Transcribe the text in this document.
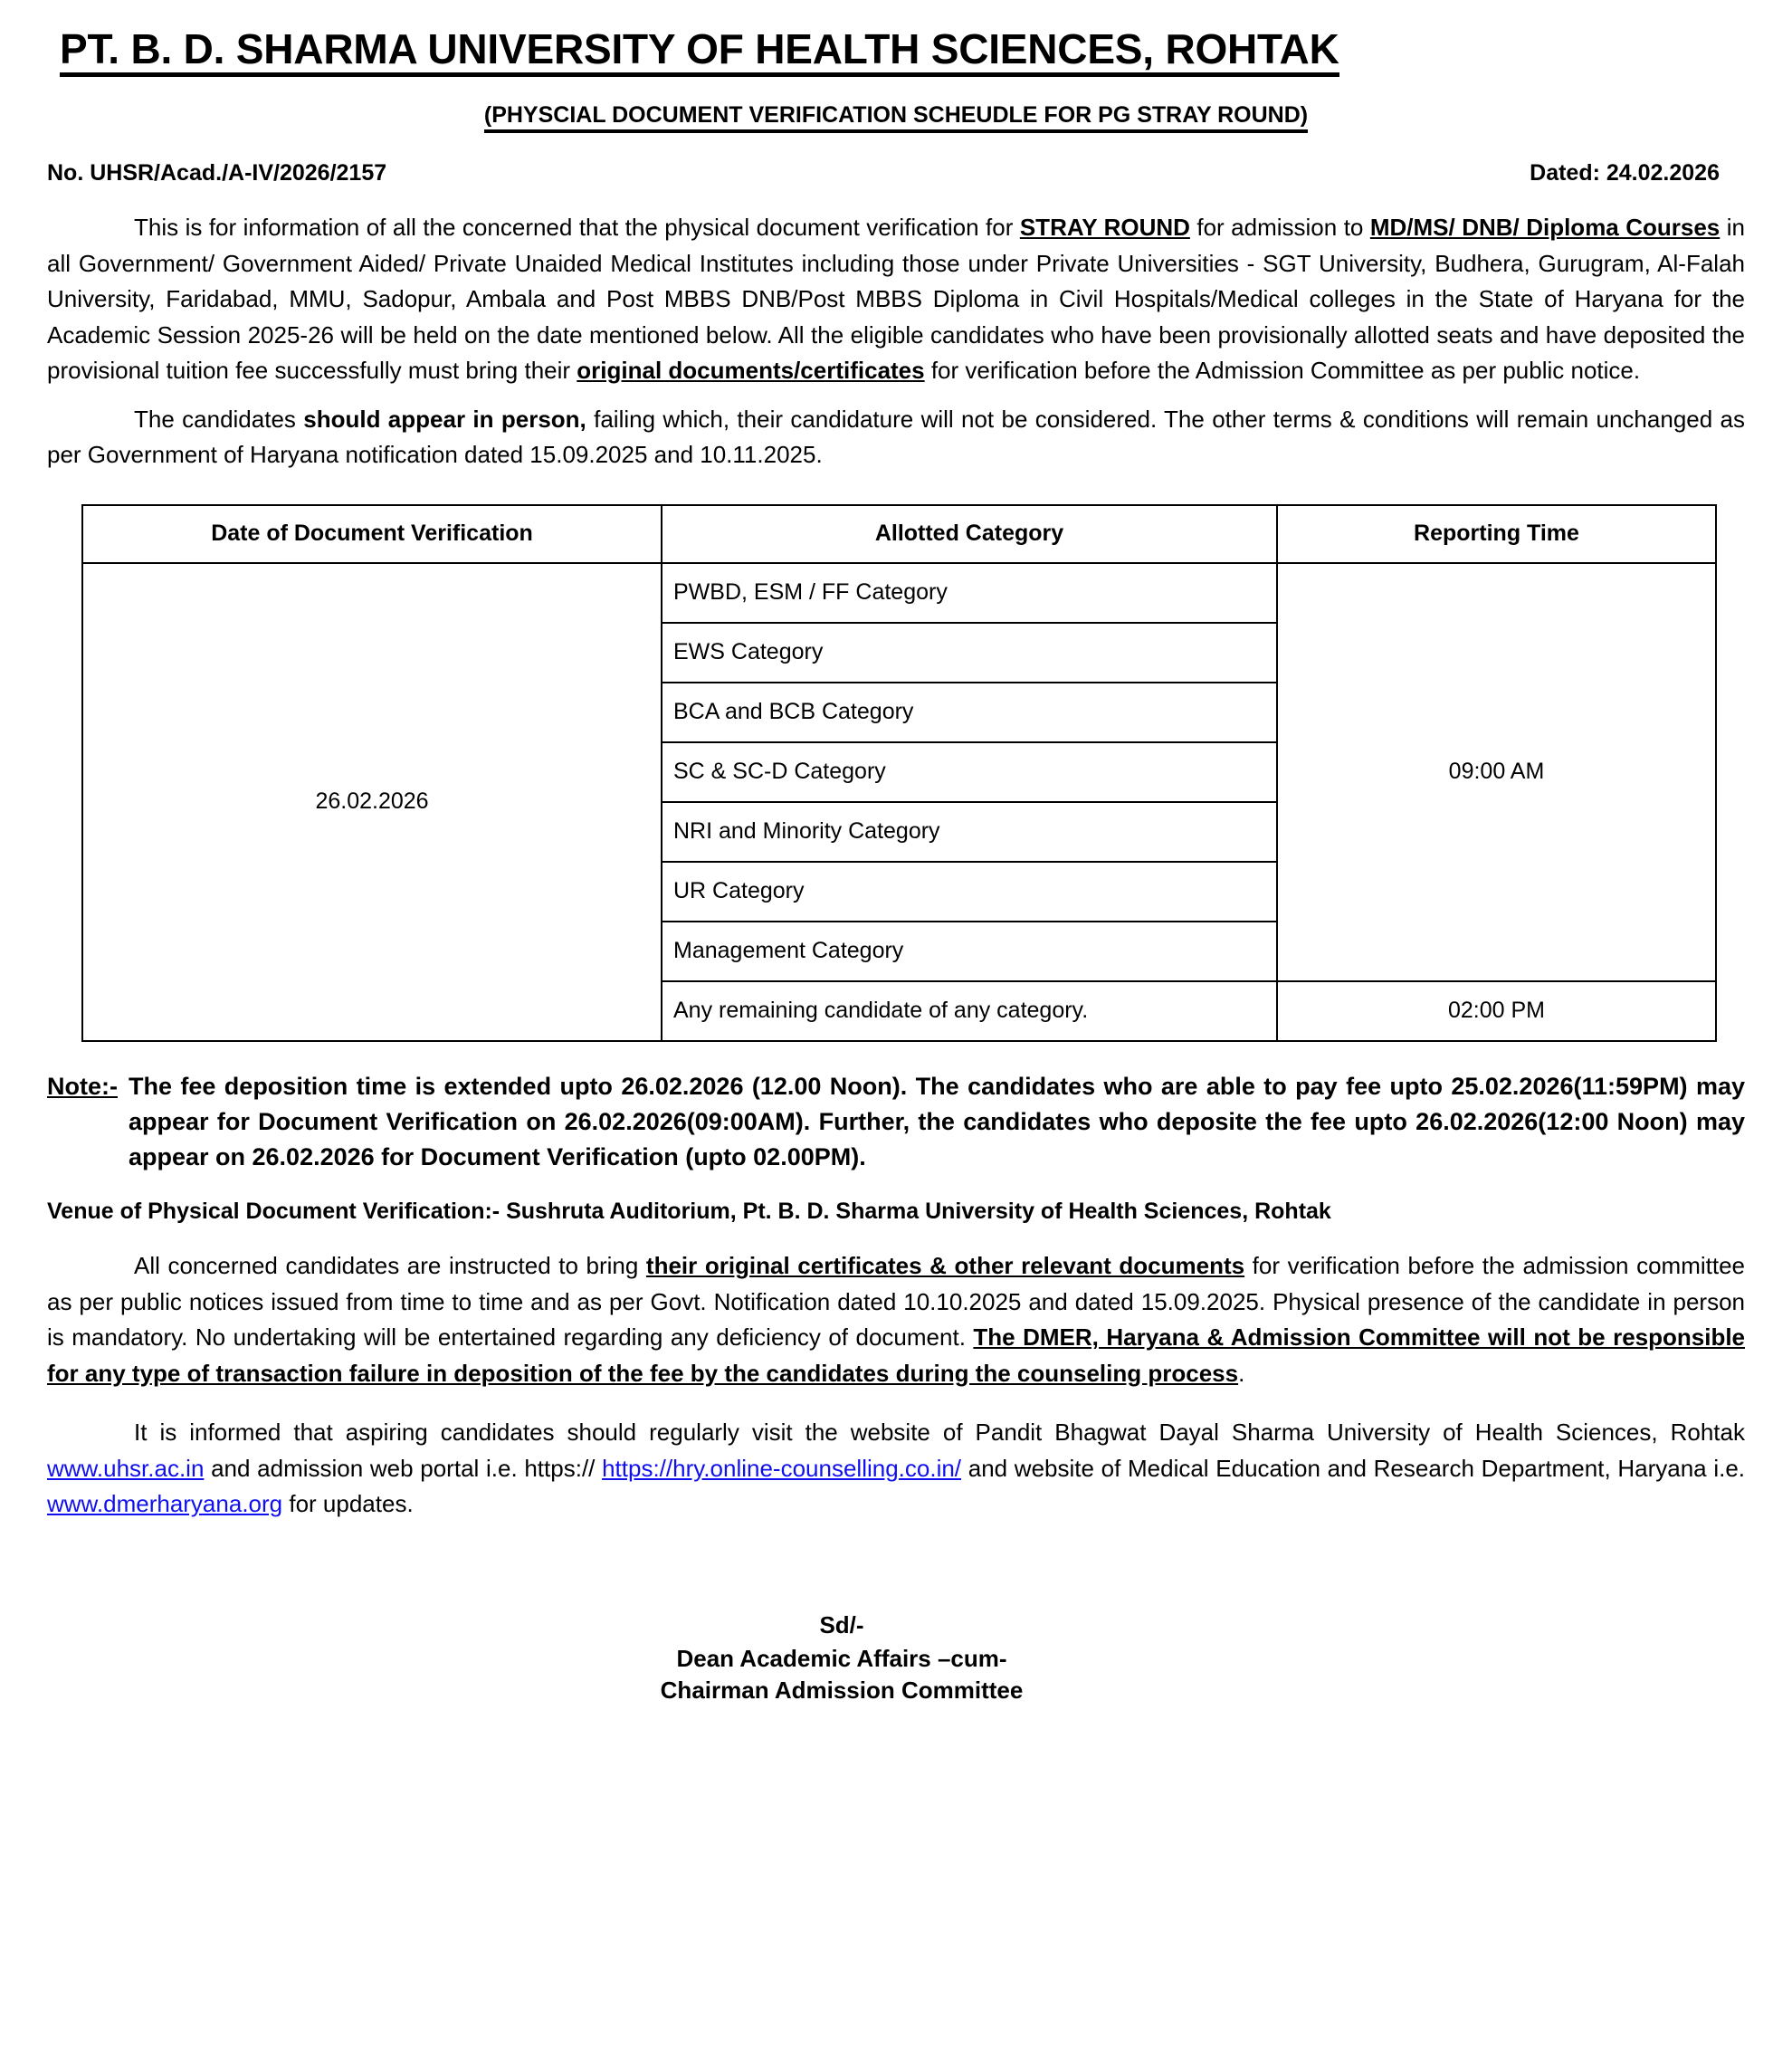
PT. B. D. SHARMA UNIVERSITY OF HEALTH SCIENCES, ROHTAK
(PHYSCIAL DOCUMENT VERIFICATION SCHEUDLE FOR PG STRAY ROUND)
No. UHSR/Acad./A-IV/2026/2157	Dated: 24.02.2026

This is for information of all the concerned that the physical document verification for STRAY ROUND for admission to MD/MS/ DNB/ Diploma Courses in all Government/ Government Aided/ Private Unaided Medical Institutes including those under Private Universities - SGT University, Budhera, Gurugram, Al-Falah University, Faridabad, MMU, Sadopur, Ambala and Post MBBS DNB/Post MBBS Diploma in Civil Hospitals/Medical colleges in the State of Haryana for the Academic Session 2025-26 will be held on the date mentioned below. All the eligible candidates who have been provisionally allotted seats and have deposited the provisional tuition fee successfully must bring their original documents/certificates for verification before the Admission Committee as per public notice.

The candidates should appear in person, failing which, their candidature will not be considered. The other terms & conditions will remain unchanged as per Government of Haryana notification dated 15.09.2025 and 10.11.2025.

Date of Document Verification	Allotted Category	Reporting Time
26.02.2026	PWBD, ESM / FF Category	09:00 AM
	EWS Category	
	BCA and BCB Category	
	SC & SC-D Category	
	NRI and Minority Category	
	UR Category	
	Management Category	
	Any remaining candidate of any category.	02:00 PM
Note:- The fee deposition time is extended upto 26.02.2026 (12.00 Noon). The candidates who are able to pay fee upto 25.02.2026(11:59PM) may appear for Document Verification on 26.02.2026(09:00AM). Further, the candidates who deposite the fee upto 26.02.2026(12:00 Noon) may appear on 26.02.2026 for Document Verification (upto 02.00PM).
Venue of Physical Document Verification:- Sushruta Auditorium, Pt. B. D. Sharma University of Health Sciences, Rohtak

All concerned candidates are instructed to bring their original certificates & other relevant documents for verification before the admission committee as per public notices issued from time to time and as per Govt. Notification dated 10.10.2025 and dated 15.09.2025. Physical presence of the candidate in person is mandatory. No undertaking will be entertained regarding any deficiency of document. The DMER, Haryana & Admission Committee will not be responsible for any type of transaction failure in deposition of the fee by the candidates during the counseling process.

It is informed that aspiring candidates should regularly visit the website of Pandit Bhagwat Dayal Sharma University of Health Sciences, Rohtak www.uhsr.ac.in and admission web portal i.e. https:// https://hry.online-counselling.co.in/ and website of Medical Education and Research Department, Haryana i.e. www.dmerharyana.org for updates.

Sd/-
Dean Academic Affairs –cum-
Chairman Admission Committee
